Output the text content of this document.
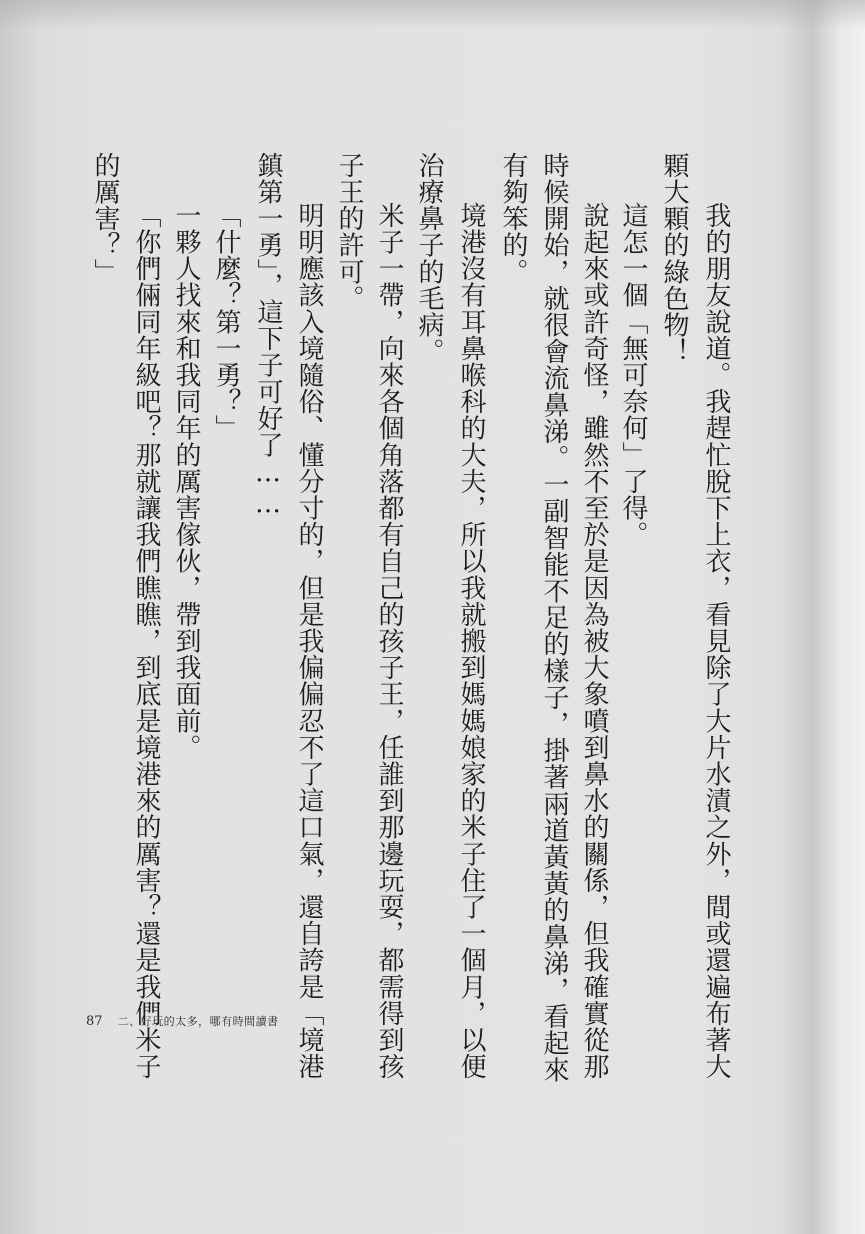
我的朋友說道。我趕忙脫下上衣，看見除了大片水漬之外，間或還遍布著大
顆大顆的綠色物！
這怎一個「無可奈何」了得。
說起來或許奇怪，雖然不至於是因為被大象噴到鼻水的關係，但我確實從那
時候開始，就很會流鼻涕。一副智能不足的樣子，掛著兩道黃黃的鼻涕，看起來
有夠笨的。
境港沒有耳鼻喉科的大夫，所以我就搬到媽媽娘家的米子住了一個月，以便
治療鼻子的毛病。
米子一帶，向來各個角落都有自己的孩子王，任誰到那邊玩耍，都需得到孩
子王的許可。
明明應該入境隨俗、懂分寸的，但是我偏偏忍不了這口氣，還自誇是「境港
鎮第一勇」，這下子可好了……
「什麼？第一勇？」
一夥人找來和我同年的厲害傢伙，帶到我面前。
「你們倆同年級吧？那就讓我們瞧瞧，到底是境港來的厲害？還是我們米子
的厲害？」
87 二、好玩的太多，哪有時間讀書
